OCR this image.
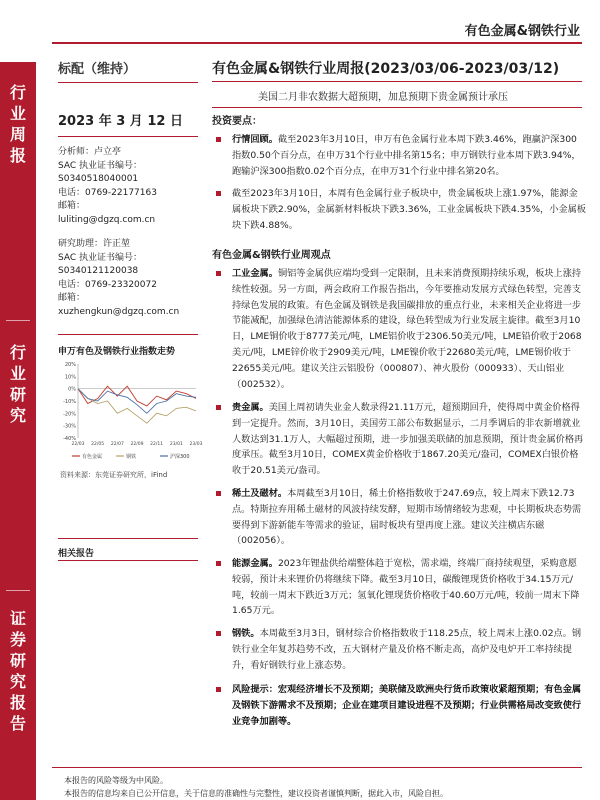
有色金属&钢铁行业
行
业
周
报
行
业
研
究
证
券
研
究
报
告
标配（维持）
2023 年 3 月 12 日
分析师：卢立亭
SAC 执业证书编号：
S0340518040001
电话：0769-22177163
邮箱：
luliting@dgzq.com.cn
研究助理：许正堃
SAC 执业证书编号：
S0340121120038
电话：0769-23320072
邮箱：
xuzhengkun@dgzq.com.cn
申万有色及钢铁行业指数走势
20%
10%
0%
-10%
-20%
-30%
-40%
22/03 22/05 22/07 22/09 22/11 23/01 23/03
有色金属	钢铁	沪深300
资料来源：东莞证券研究所，iFind
相关报告
有色金属&钢铁行业周报(2023/03/06-2023/03/12)
美国二月非农数据大超预期，加息预期下贵金属预计承压
投资要点：
行情回顾。截至2023年3月10日，申万有色金属行业本周下跌3.46%，跑赢沪深300指数0.50个百分点，在申万31个行业中排名第15名；申万钢铁行业本周下跌3.94%，跑输沪深300指数0.02个百分点，在申万31个行业中排名第20名。
截至2023年3月10日，本周有色金属行业子板块中，贵金属板块上涨1.97%，能源金属板块下跌2.90%，金属新材料板块下跌3.36%，工业金属板块下跌4.35%，小金属板块下跌4.88%。
有色金属&钢铁行业周观点
工业金属。铜铝等金属供应端均受到一定限制，且未来消费预期持续乐观，板块上涨持续性较强。另一方面，两会政府工作报告指出，今年要推动发展方式绿色转型，完善支持绿色发展的政策。有色金属及钢铁是我国碳排放的重点行业，未来相关企业将进一步节能减配，加强绿色清洁能源体系的建设，绿色转型成为行业发展主旋律。截至3月10日，LME铜价收于8777美元/吨，LME铝价收于2306.50美元/吨，LME铅价收于2068美元/吨，LME锌价收于2909美元/吨，LME镍价收于22680美元/吨，LME锡价收于22655美元/吨。建议关注云铝股份（000807）、神火股份（000933）、天山铝业（002532）。
贵金属。美国上周初请失业金人数录得21.11万元，超预期回升，使得周中黄金价格得到一定提升。然而，3月10日，美国劳工部公布数据显示，二月季调后的非农新增就业人数达到31.1万人，大幅超过预期，进一步加强美联储的加息预期，预计贵金属价格再度承压。截至3月10日，COMEX黄金价格收于1867.20美元/盎司，COMEX白银价格收于20.51美元/盎司。
稀土及磁材。本周截至3月10日，稀土价格指数收于247.69点，较上周末下跌12.73点。特斯拉弃用稀土磁材的风波持续发酵，短期市场情绪较为悲观，中长期板块态势需要得到下游新能车等需求的验证，届时板块有望再度上涨。建议关注横店东磁（002056）。
能源金属。2023年锂盐供给端整体趋于宽松，需求端，终端厂商持续观望，采购意愿较弱，预计未来锂价仍将继续下降。截至3月10日，碳酸锂现货价格收于34.15万元/吨，较前一周末下跌近3万元；氢氧化锂现货价格收于40.60万元/吨，较前一周末下降1.65万元。
钢铁。本周截至3月3日，钢材综合价格指数收于118.25点，较上周末上涨0.02点。钢铁行业全年复苏趋势不改，五大钢材产量及价格不断走高，高炉及电炉开工率持续提升，看好钢铁行业上涨态势。
风险提示：宏观经济增长不及预期；美联储及欧洲央行货币政策收紧超预期；有色金属及钢铁下游需求不及预期；企业在建项目建设进程不及预期；行业供需格局改变致使行业竞争加剧等。
本报告的风险等级为中风险。
本报告的信息均来自已公开信息，关于信息的准确性与完整性，建议投资者谨慎判断，据此入市，风险自担。
